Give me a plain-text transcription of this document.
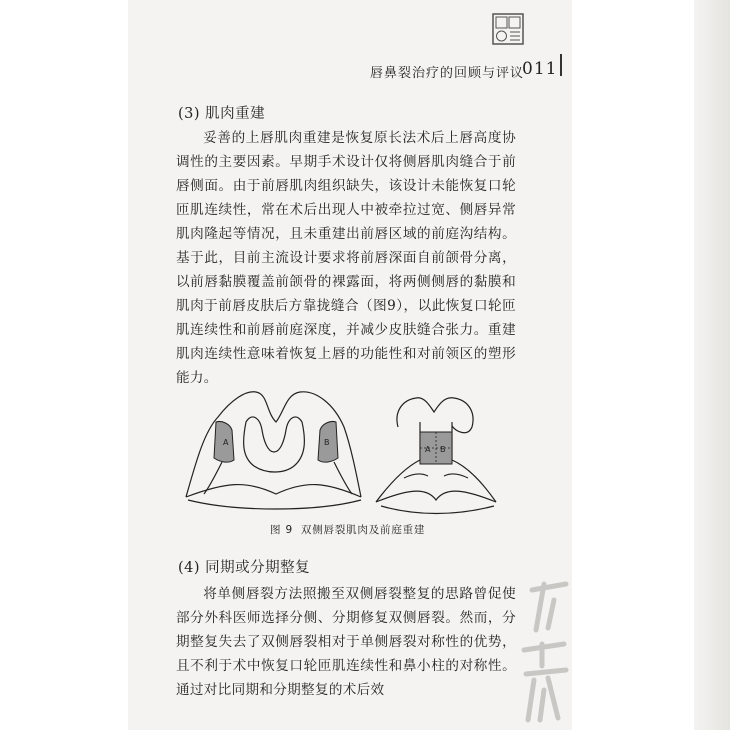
唇鼻裂治疗的回顾与评议
011
(3) 肌肉重建

妥善的上唇肌肉重建是恢复原长法术后上唇高度协调性的主要因素。早期手术设计仅将侧唇肌肉缝合于前唇侧面。由于前唇肌肉组织缺失，该设计未能恢复口轮匝肌连续性，常在术后出现人中被牵拉过宽、侧唇异常肌肉隆起等情况，且未重建出前唇区域的前庭沟结构。基于此，目前主流设计要求将前唇深面自前颌骨分离，以前唇黏膜覆盖前颌骨的裸露面，将两侧侧唇的黏膜和肌肉于前唇皮肤后方靠拢缝合（图9），以此恢复口轮匝肌连续性和前唇前庭深度，并减少皮肤缝合张力。重建肌肉连续性意味着恢复上唇的功能性和对前领区的塑形能力。

A	B
A B
图 9 双侧唇裂肌肉及前庭重建
(4) 同期或分期整复

将单侧唇裂方法照搬至双侧唇裂整复的思路曾促使部分外科医师选择分侧、分期修复双侧唇裂。然而，分期整复失去了双侧唇裂相对于单侧唇裂对称性的优势，且不利于术中恢复口轮匝肌连续性和鼻小柱的对称性。通过对比同期和分期整复的术后效
